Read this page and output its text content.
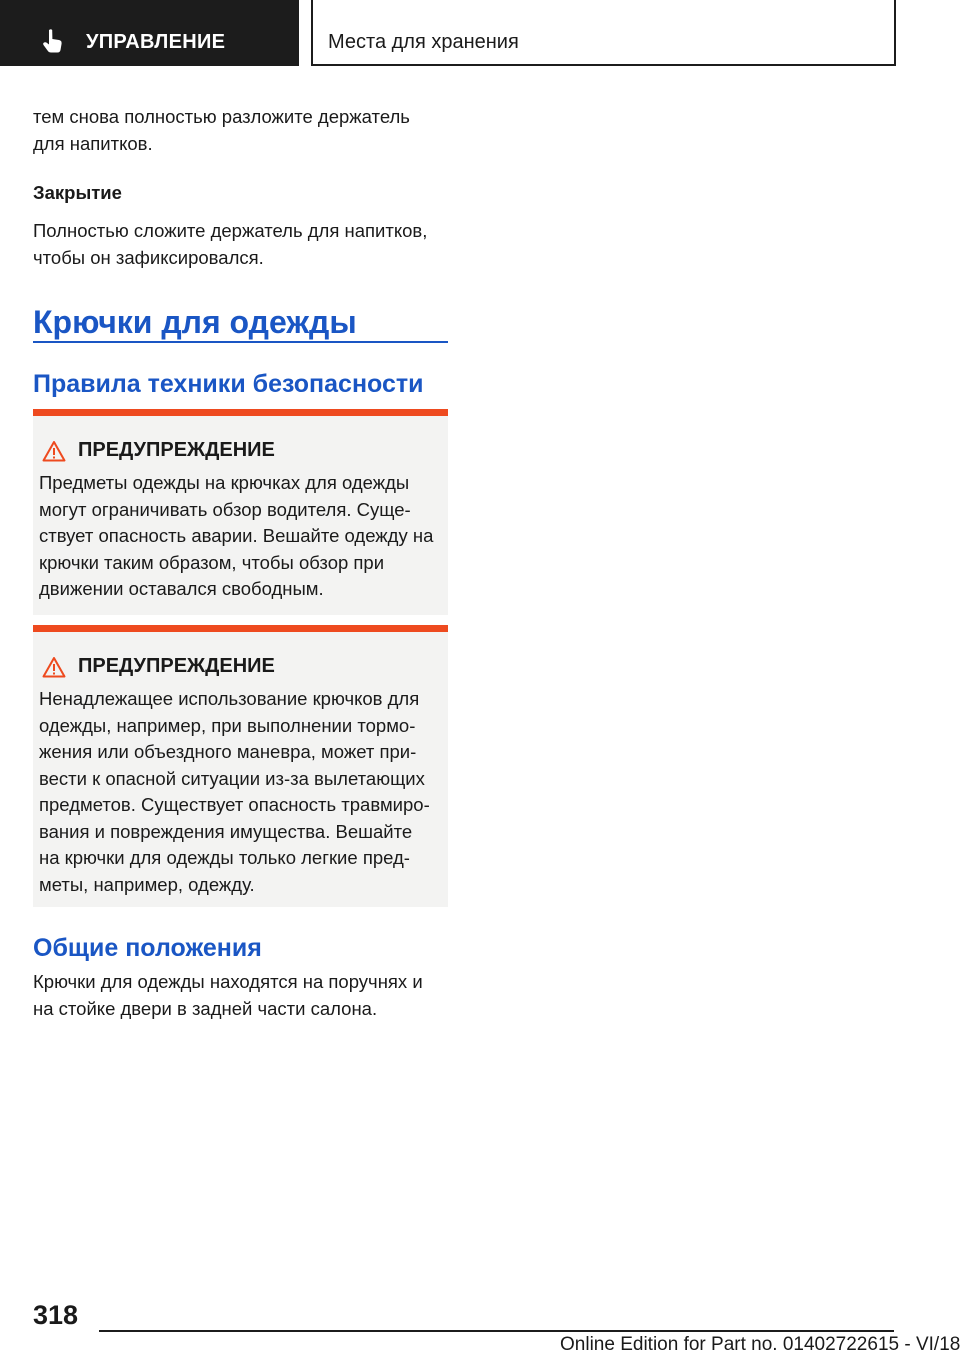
УПРАВЛЕНИЕ	Места для хранения
тем снова полностью разложите держатель
для напитков.
Закрытие
Полностью сложите держатель для напитков,
чтобы он зафиксировался.
Крючки для одежды
Правила техники безопасности
ПРЕДУПРЕЖДЕНИЕ
Предметы одежды на крючках для одежды
могут ограничивать обзор водителя. Суще-
ствует опасность аварии. Вешайте одежду на
крючки таким образом, чтобы обзор при
движении оставался свободным.
ПРЕДУПРЕЖДЕНИЕ
Ненадлежащее использование крючков для
одежды, например, при выполнении тормо-
жения или объездного маневра, может при-
вести к опасной ситуации из-за вылетающих
предметов. Существует опасность травмиро-
вания и повреждения имущества. Вешайте
на крючки для одежды только легкие пред-
меты, например, одежду.
Общие положения
Крючки для одежды находятся на поручнях и
на стойке двери в задней части салона.
318
Online Edition for Part no. 01402722615 - VI/18
